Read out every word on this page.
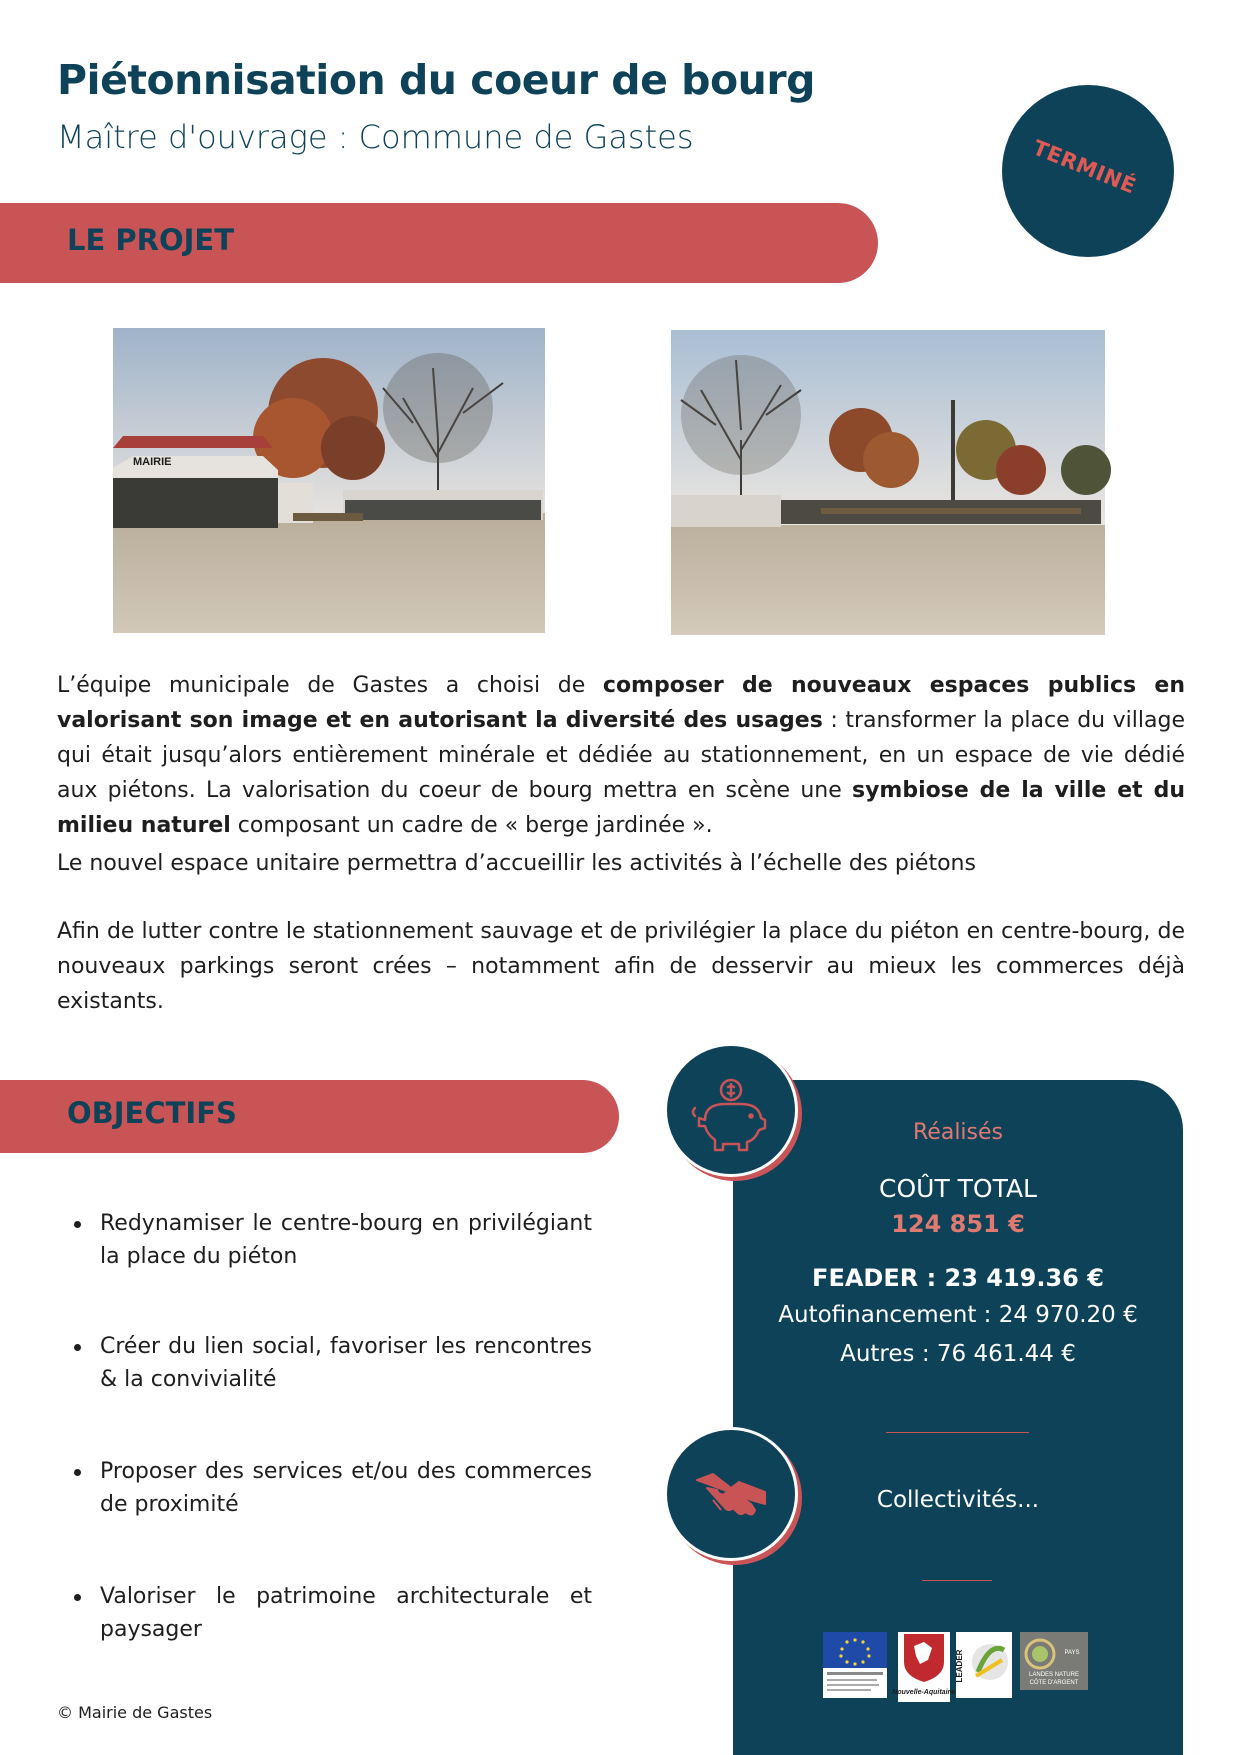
Piétonnisation du coeur de bourg
Maître d'ouvrage : Commune de Gastes	TERMINÉ
LE PROJET
MAIRIE
L’équipe municipale de Gastes a choisi de composer de nouveaux espaces publics en valorisant son image et en autorisant la diversité des usages : transformer la place du village qui était jusqu’alors entièrement minérale et dédiée au stationnement, en un espace de vie dédié aux piétons. La valorisation du coeur de bourg mettra en scène une symbiose de la ville et du milieu naturel composant un cadre de « berge jardinée ».
Le nouvel espace unitaire permettra d’accueillir les activités à l’échelle des piétons
Afin de lutter contre le stationnement sauvage et de privilégier la place du piéton en centre-bourg, de nouveaux parkings seront crées – notamment afin de desservir au mieux les commerces déjà existants.
OBJECTIFS
Redynamiser le centre-bourg en privilégiant la place du piéton
Créer du lien social, favoriser les rencontres & la convivialité
Proposer des services et/ou des commerces de proximité
Valoriser le patrimoine architecturale et paysager
Réalisés
COÛT TOTAL
124 851 €
FEADER : 23 419.36 €
Autofinancement : 24 970.20 €
Autres : 76 461.44 €
Collectivités...
Nouvelle-Aquitaine
LEADER	PAYS
LANDES NATURE
CÔTE D'ARGENT
© Mairie de Gastes
